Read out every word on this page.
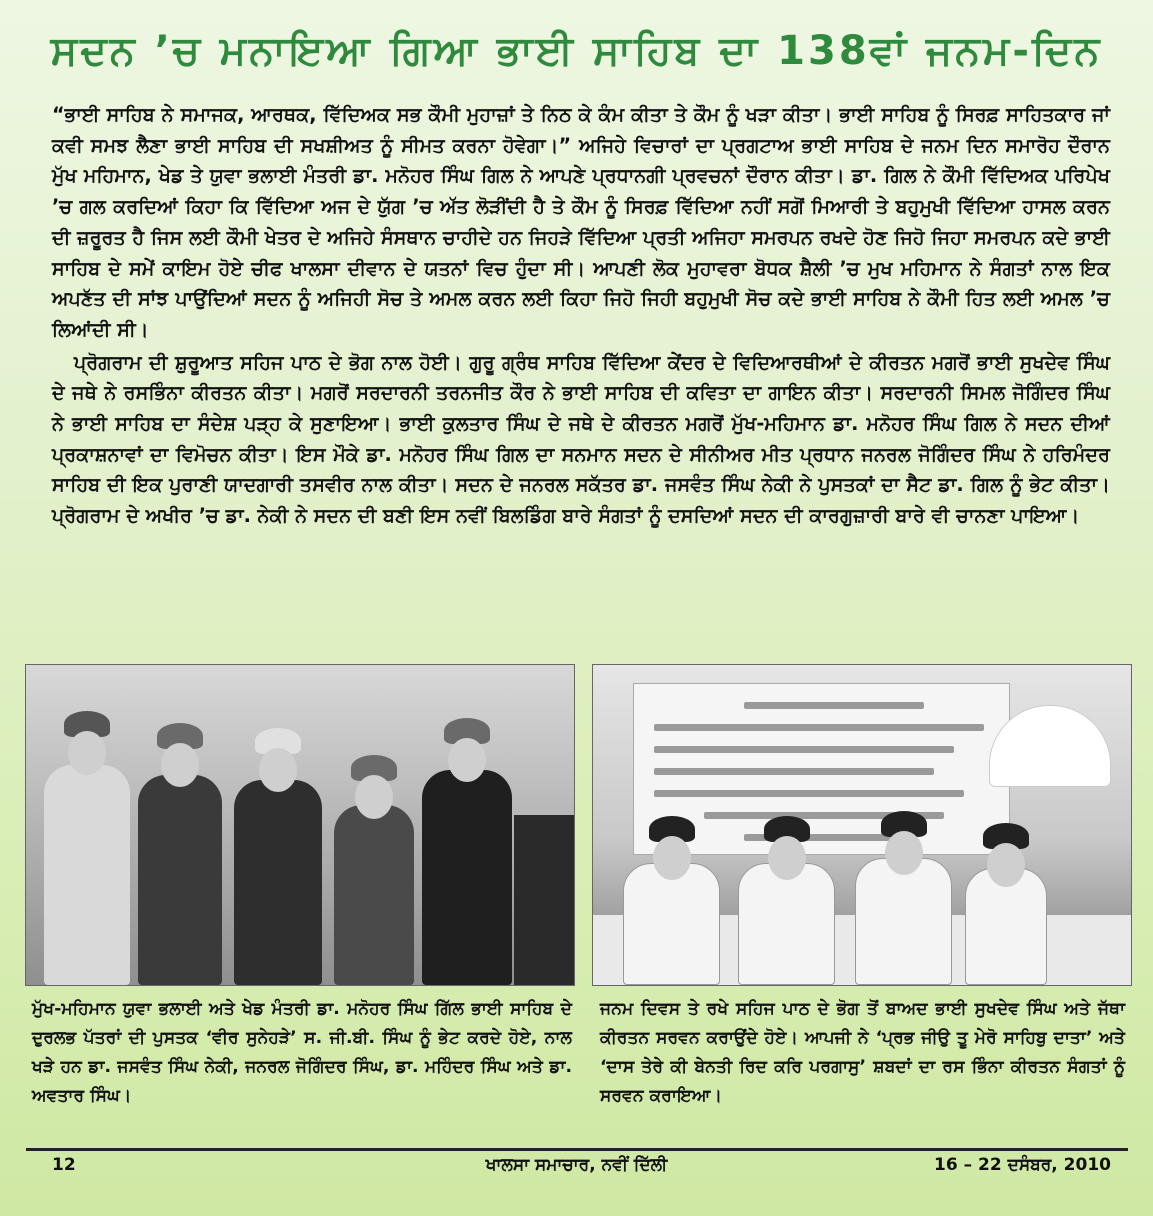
ਸਦਨ ’ਚ ਮਨਾਇਆ ਗਿਆ ਭਾਈ ਸਾਹਿਬ ਦਾ 138ਵਾਂ ਜਨਮ-ਦਿਨ

“ਭਾਈ ਸਾਹਿਬ ਨੇ ਸਮਾਜਕ, ਆਰਥਕ, ਵਿੱਦਿਅਕ ਸਭ ਕੌਮੀ ਮੁਹਾਜ਼ਾਂ ਤੇ ਨਿਠ ਕੇ ਕੰਮ ਕੀਤਾ ਤੇ ਕੌਮ ਨੂੰ ਖੜਾ ਕੀਤਾ। ਭਾਈ ਸਾਹਿਬ ਨੂੰ ਸਿਰਫ਼ ਸਾਹਿਤਕਾਰ ਜਾਂ ਕਵੀ ਸਮਝ ਲੈਣਾ ਭਾਈ ਸਾਹਿਬ ਦੀ ਸਖਸ਼ੀਅਤ ਨੂੰ ਸੀਮਤ ਕਰਨਾ ਹੋਵੇਗਾ।” ਅਜਿਹੇ ਵਿਚਾਰਾਂ ਦਾ ਪ੍ਰਗਟਾਅ ਭਾਈ ਸਾਹਿਬ ਦੇ ਜਨਮ ਦਿਨ ਸਮਾਰੋਹ ਦੌਰਾਨ ਮੁੱਖ ਮਹਿਮਾਨ, ਖੇਡ ਤੇ ਯੁਵਾ ਭਲਾਈ ਮੰਤਰੀ ਡਾ. ਮਨੋਹਰ ਸਿੰਘ ਗਿਲ ਨੇ ਆਪਣੇ ਪ੍ਰਧਾਨਗੀ ਪ੍ਰਵਚਨਾਂ ਦੌਰਾਨ ਕੀਤਾ। ਡਾ. ਗਿਲ ਨੇ ਕੌਮੀ ਵਿੱਦਿਅਕ ਪਰਿਪੇਖ ’ਚ ਗਲ ਕਰਦਿਆਂ ਕਿਹਾ ਕਿ ਵਿੱਦਿਆ ਅਜ ਦੇ ਯੁੱਗ ’ਚ ਅੱਤ ਲੋੜੀਂਦੀ ਹੈ ਤੇ ਕੌਮ ਨੂੰ ਸਿਰਫ਼ ਵਿੱਦਿਆ ਨਹੀਂ ਸਗੋਂ ਮਿਆਰੀ ਤੇ ਬਹੁਮੁਖੀ ਵਿੱਦਿਆ ਹਾਸਲ ਕਰਨ ਦੀ ਜ਼ਰੂਰਤ ਹੈ ਜਿਸ ਲਈ ਕੌਮੀ ਖੇਤਰ ਦੇ ਅਜਿਹੇ ਸੰਸਥਾਨ ਚਾਹੀਦੇ ਹਨ ਜਿਹੜੇ ਵਿੱਦਿਆ ਪ੍ਰਤੀ ਅਜਿਹਾ ਸਮਰਪਨ ਰਖਦੇ ਹੋਣ ਜਿਹੋ ਜਿਹਾ ਸਮਰਪਨ ਕਦੇ ਭਾਈ ਸਾਹਿਬ ਦੇ ਸਮੇਂ ਕਾਇਮ ਹੋਏ ਚੀਫ ਖਾਲਸਾ ਦੀਵਾਨ ਦੇ ਯਤਨਾਂ ਵਿਚ ਹੁੰਦਾ ਸੀ। ਆਪਣੀ ਲੋਕ ਮੁਹਾਵਰਾ ਬੋਧਕ ਸ਼ੈਲੀ ’ਚ ਮੁਖ ਮਹਿਮਾਨ ਨੇ ਸੰਗਤਾਂ ਨਾਲ ਇਕ ਅਪਣੱਤ ਦੀ ਸਾਂਝ ਪਾਉਂਦਿਆਂ ਸਦਨ ਨੂੰ ਅਜਿਹੀ ਸੋਚ ਤੇ ਅਮਲ ਕਰਨ ਲਈ ਕਿਹਾ ਜਿਹੋ ਜਿਹੀ ਬਹੁਮੁਖੀ ਸੋਚ ਕਦੇ ਭਾਈ ਸਾਹਿਬ ਨੇ ਕੌਮੀ ਹਿਤ ਲਈ ਅਮਲ ’ਚ ਲਿਆਂਦੀ ਸੀ।

ਪ੍ਰੋਗਰਾਮ ਦੀ ਸ਼ੁਰੂਆਤ ਸਹਿਜ ਪਾਠ ਦੇ ਭੋਗ ਨਾਲ ਹੋਈ। ਗੁਰੂ ਗ੍ਰੰਥ ਸਾਹਿਬ ਵਿੱਦਿਆ ਕੇਂਦਰ ਦੇ ਵਿਦਿਆਰਥੀਆਂ ਦੇ ਕੀਰਤਨ ਮਗਰੋਂ ਭਾਈ ਸੁਖਦੇਵ ਸਿੰਘ ਦੇ ਜਥੇ ਨੇ ਰਸਭਿੰਨਾ ਕੀਰਤਨ ਕੀਤਾ। ਮਗਰੋਂ ਸਰਦਾਰਨੀ ਤਰਨਜੀਤ ਕੌਰ ਨੇ ਭਾਈ ਸਾਹਿਬ ਦੀ ਕਵਿਤਾ ਦਾ ਗਾਇਨ ਕੀਤਾ। ਸਰਦਾਰਨੀ ਸਿਮਲ ਜੋਗਿੰਦਰ ਸਿੰਘ ਨੇ ਭਾਈ ਸਾਹਿਬ ਦਾ ਸੰਦੇਸ਼ ਪੜ੍ਹ ਕੇ ਸੁਣਾਇਆ। ਭਾਈ ਕੁਲਤਾਰ ਸਿੰਘ ਦੇ ਜਥੇ ਦੇ ਕੀਰਤਨ ਮਗਰੋਂ ਮੁੱਖ-ਮਹਿਮਾਨ ਡਾ. ਮਨੋਹਰ ਸਿੰਘ ਗਿਲ ਨੇ ਸਦਨ ਦੀਆਂ ਪ੍ਰਕਾਸ਼ਨਾਵਾਂ ਦਾ ਵਿਮੋਚਨ ਕੀਤਾ। ਇਸ ਮੌਕੇ ਡਾ. ਮਨੋਹਰ ਸਿੰਘ ਗਿਲ ਦਾ ਸਨਮਾਨ ਸਦਨ ਦੇ ਸੀਨੀਅਰ ਮੀਤ ਪ੍ਰਧਾਨ ਜਨਰਲ ਜੋਗਿੰਦਰ ਸਿੰਘ ਨੇ ਹਰਿਮੰਦਰ ਸਾਹਿਬ ਦੀ ਇਕ ਪੁਰਾਣੀ ਯਾਦਗਾਰੀ ਤਸਵੀਰ ਨਾਲ ਕੀਤਾ। ਸਦਨ ਦੇ ਜਨਰਲ ਸਕੱਤਰ ਡਾ. ਜਸਵੰਤ ਸਿੰਘ ਨੇਕੀ ਨੇ ਪੁਸਤਕਾਂ ਦਾ ਸੈਟ ਡਾ. ਗਿਲ ਨੂੰ ਭੇਟ ਕੀਤਾ। ਪ੍ਰੋਗਰਾਮ ਦੇ ਅਖੀਰ ’ਚ ਡਾ. ਨੇਕੀ ਨੇ ਸਦਨ ਦੀ ਬਣੀ ਇਸ ਨਵੀਂ ਬਿਲਡਿੰਗ ਬਾਰੇ ਸੰਗਤਾਂ ਨੂੰ ਦਸਦਿਆਂ ਸਦਨ ਦੀ ਕਾਰਗੁਜ਼ਾਰੀ ਬਾਰੇ ਵੀ ਚਾਨਣਾ ਪਾਇਆ।

ਮੁੱਖ-ਮਹਿਮਾਨ ਯੁਵਾ ਭਲਾਈ ਅਤੇ ਖੇਡ ਮੰਤਰੀ ਡਾ. ਮਨੋਹਰ ਸਿੰਘ ਗਿੱਲ ਭਾਈ ਸਾਹਿਬ ਦੇ ਦੁਰਲਭ ਪੱਤਰਾਂ ਦੀ ਪੁਸਤਕ ‘ਵੀਰ ਸੁਨੇਹੜੇ’ ਸ. ਜੀ.ਬੀ. ਸਿੰਘ ਨੂੰ ਭੇਟ ਕਰਦੇ ਹੋਏ, ਨਾਲ ਖੜੇ ਹਨ ਡਾ. ਜਸਵੰਤ ਸਿੰਘ ਨੇਕੀ, ਜਨਰਲ ਜੋਗਿੰਦਰ ਸਿੰਘ, ਡਾ. ਮਹਿੰਦਰ ਸਿੰਘ ਅਤੇ ਡਾ. ਅਵਤਾਰ ਸਿੰਘ।
ਜਨਮ ਦਿਵਸ ਤੇ ਰਖੇ ਸਹਿਜ ਪਾਠ ਦੇ ਭੋਗ ਤੋਂ ਬਾਅਦ ਭਾਈ ਸੁਖਦੇਵ ਸਿੰਘ ਅਤੇ ਜੱਥਾ ਕੀਰਤਨ ਸਰਵਨ ਕਰਾਉਂਦੇ ਹੋਏ। ਆਪਜੀ ਨੇ ‘ਪ੍ਰਭ ਜੀਉ ਤੂ ਮੇਰੋ ਸਾਹਿਬੁ ਦਾਤਾ’ ਅਤੇ ‘ਦਾਸ ਤੇਰੇ ਕੀ ਬੇਨਤੀ ਰਿਦ ਕਰਿ ਪਰਗਾਸੁ’ ਸ਼ਬਦਾਂ ਦਾ ਰਸ ਭਿੰਨਾ ਕੀਰਤਨ ਸੰਗਤਾਂ ਨੂੰ ਸਰਵਨ ਕਰਾਇਆ।
12	ਖਾਲਸਾ ਸਮਾਚਾਰ, ਨਵੀਂ ਦਿੱਲੀ	16 – 22 ਦਸੰਬਰ, 2010
